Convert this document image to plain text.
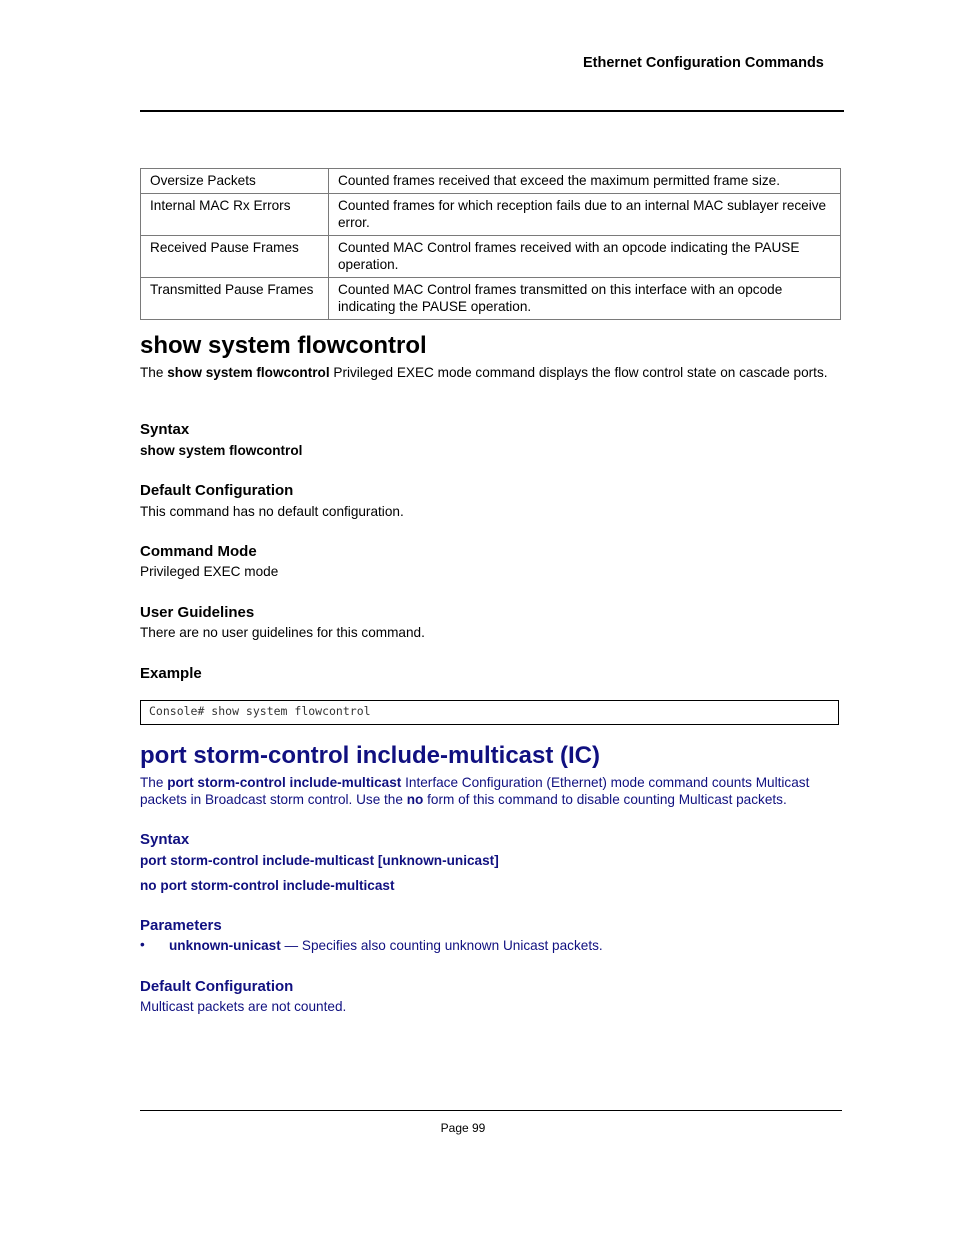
Ethernet Configuration Commands
Oversize Packets	Counted frames received that exceed the maximum permitted frame size.
Internal MAC Rx Errors	Counted frames for which reception fails due to an internal MAC sublayer receive error.
Received Pause Frames	Counted MAC Control frames received with an opcode indicating the PAUSE operation.
Transmitted Pause Frames	Counted MAC Control frames transmitted on this interface with an opcode indicating the PAUSE operation.
show system flowcontrol
The show system flowcontrol Privileged EXEC mode command displays the flow control state on cascade ports.
Syntax
show system flowcontrol
Default Configuration
This command has no default configuration.
Command Mode
Privileged EXEC mode
User Guidelines
There are no user guidelines for this command.
Example
Console# show system flowcontrol
port storm-control include-multicast (IC)
The port storm-control include-multicast Interface Configuration (Ethernet) mode command counts Multicast packets in Broadcast storm control. Use the no form of this command to disable counting Multicast packets.
Syntax
port storm-control include-multicast [unknown-unicast]
no port storm-control include-multicast
Parameters
• unknown-unicast — Specifies also counting unknown Unicast packets.
Default Configuration
Multicast packets are not counted.
Page 99
